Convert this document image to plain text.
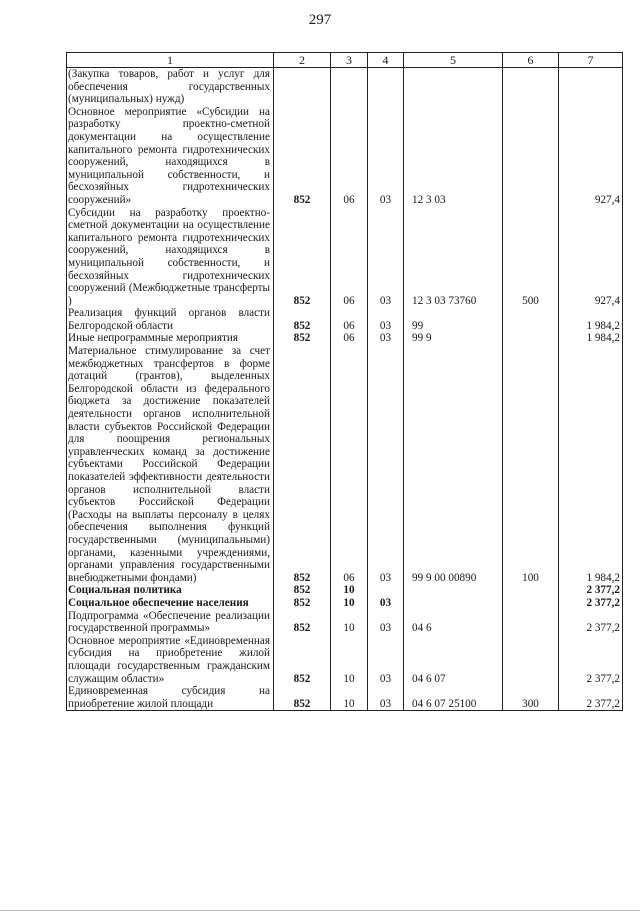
297
1	2	3	4	5	6	7
(Закупка товаров, работ и услуг для обеспечения государственных (муниципальных) нужд)						
Основное мероприятие «Субсидии на разработку проектно-сметной документации на осуществление капитального ремонта гидротехнических сооружений, находящихся в муниципальной собственности, и бесхозяйных гидротехнических сооружений»	852	06	03	12 3 03		927,4
Субсидии на разработку проектно-сметной документации на осуществление капитального ремонта гидротехнических сооружений, находящихся в муниципальной собственности, и бесхозяйных гидротехнических сооружений (Межбюджетные трансферты )	852	06	03	12 3 03 73760	500	927,4
Реализация функций органов власти Белгородской области	852	06	03	99		1 984,2
Иные непрограммные мероприятия	852	06	03	99 9		1 984,2
Материальное стимулирование за счет межбюджетных трансфертов в форме дотаций (грантов), выделенных Белгородской области из федерального бюджета за достижение показателей деятельности органов исполнительной власти субъектов Российской Федерации для поощрения региональных управленческих команд за достижение субъектами Российской Федерации показателей эффективности деятельности органов исполнительной власти субъектов Российской Федерации (Расходы на выплаты персоналу в целях обеспечения выполнения функций государственными (муниципальными) органами, казенными учреждениями, органами управления государственными внебюджетными фондами)	852	06	03	99 9 00 00890	100	1 984,2
Социальная политика	852	10				2 377,2
Социальное обеспечение населения	852	10	03			2 377,2
Подпрограмма «Обеспечение реализации государственной программы»	852	10	03	04 6		2 377,2
Основное мероприятие «Единовременная субсидия на приобретение жилой площади государственным гражданским служащим области»	852	10	03	04 6 07		2 377,2
Единовременная субсидия на приобретение жилой площади	852	10	03	04 6 07 25100	300	2 377,2
